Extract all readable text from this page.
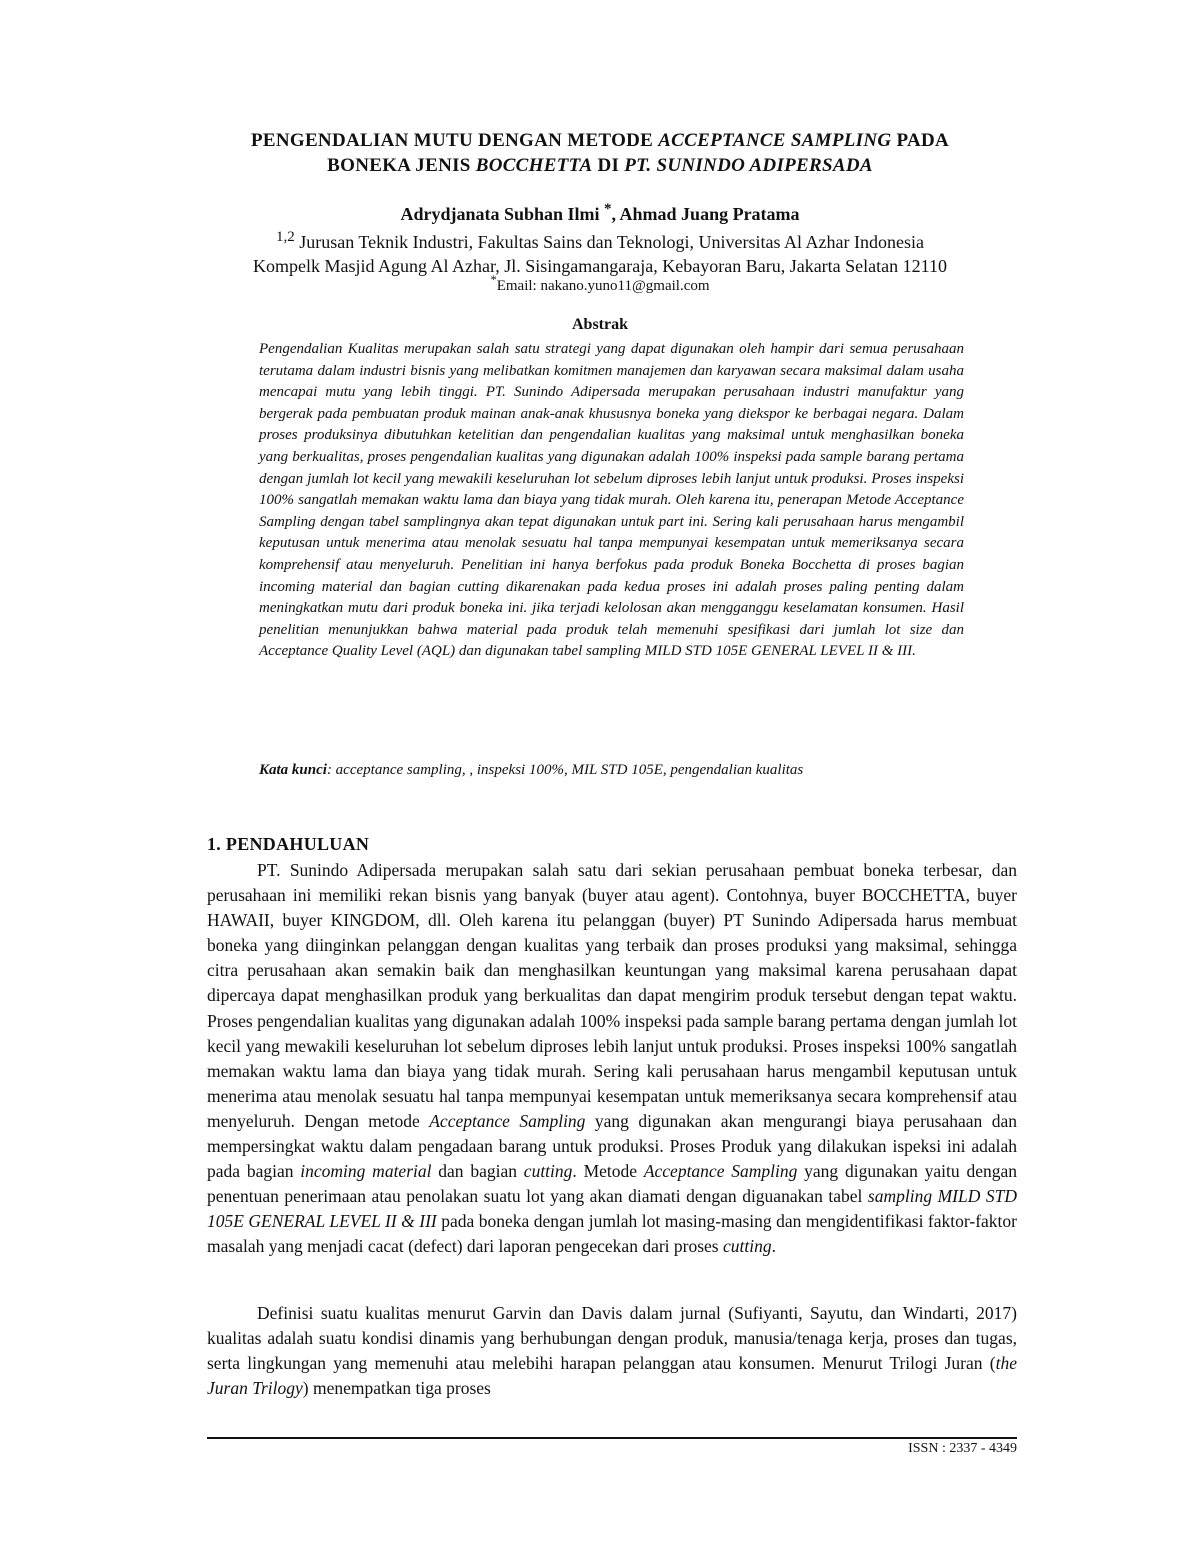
PENGENDALIAN MUTU DENGAN METODE ACCEPTANCE SAMPLING PADA
BONEKA JENIS BOCCHETTA DI PT. SUNINDO ADIPERSADA
Adrydjanata Subhan Ilmi *, Ahmad Juang Pratama
$^{1,2}$ Jurusan Teknik Industri, Fakultas Sains dan Teknologi, Universitas Al Azhar Indonesia
Kompelk Masjid Agung Al Azhar, Jl. Sisingamangaraja, Kebayoran Baru, Jakarta Selatan 12110
*Email: nakano.yuno11@gmail.com
Abstrak
Pengendalian Kualitas merupakan salah satu strategi yang dapat digunakan oleh hampir dari semua perusahaan terutama dalam industri bisnis yang melibatkan komitmen manajemen dan karyawan secara maksimal dalam usaha mencapai mutu yang lebih tinggi. PT. Sunindo Adipersada merupakan perusahaan industri manufaktur yang bergerak pada pembuatan produk mainan anak-anak khususnya boneka yang diekspor ke berbagai negara. Dalam proses produksinya dibutuhkan ketelitian dan pengendalian kualitas yang maksimal untuk menghasilkan boneka yang berkualitas, proses pengendalian kualitas yang digunakan adalah 100% inspeksi pada sample barang pertama dengan jumlah lot kecil yang mewakili keseluruhan lot sebelum diproses lebih lanjut untuk produksi. Proses inspeksi 100% sangatlah memakan waktu lama dan biaya yang tidak murah. Oleh karena itu, penerapan Metode Acceptance Sampling dengan tabel samplingnya akan tepat digunakan untuk part ini. Sering kali perusahaan harus mengambil keputusan untuk menerima atau menolak sesuatu hal tanpa mempunyai kesempatan untuk memeriksanya secara komprehensif atau menyeluruh. Penelitian ini hanya berfokus pada produk Boneka Bocchetta di proses bagian incoming material dan bagian cutting dikarenakan pada kedua proses ini adalah proses paling penting dalam meningkatkan mutu dari produk boneka ini. jika terjadi kelolosan akan mengganggu keselamatan konsumen. Hasil penelitian menunjukkan bahwa material pada produk telah memenuhi spesifikasi dari jumlah lot size dan Acceptance Quality Level (AQL) dan digunakan tabel sampling MILD STD 105E GENERAL LEVEL II & III.
Kata kunci: acceptance sampling, , inspeksi 100%, MIL STD 105E, pengendalian kualitas
1. PENDAHULUAN

PT. Sunindo Adipersada merupakan salah satu dari sekian perusahaan pembuat boneka terbesar, dan perusahaan ini memiliki rekan bisnis yang banyak (buyer atau agent). Contohnya, buyer BOCCHETTA, buyer HAWAII, buyer KINGDOM, dll. Oleh karena itu pelanggan (buyer) PT Sunindo Adipersada harus membuat boneka yang diinginkan pelanggan dengan kualitas yang terbaik dan proses produksi yang maksimal, sehingga citra perusahaan akan semakin baik dan menghasilkan keuntungan yang maksimal karena perusahaan dapat dipercaya dapat menghasilkan produk yang berkualitas dan dapat mengirim produk tersebut dengan tepat waktu. Proses pengendalian kualitas yang digunakan adalah 100% inspeksi pada sample barang pertama dengan jumlah lot kecil yang mewakili keseluruhan lot sebelum diproses lebih lanjut untuk produksi. Proses inspeksi 100% sangatlah memakan waktu lama dan biaya yang tidak murah. Sering kali perusahaan harus mengambil keputusan untuk menerima atau menolak sesuatu hal tanpa mempunyai kesempatan untuk memeriksanya secara komprehensif atau menyeluruh. Dengan metode Acceptance Sampling yang digunakan akan mengurangi biaya perusahaan dan mempersingkat waktu dalam pengadaan barang untuk produksi. Proses Produk yang dilakukan ispeksi ini adalah pada bagian incoming material dan bagian cutting. Metode Acceptance Sampling yang digunakan yaitu dengan penentuan penerimaan atau penolakan suatu lot yang akan diamati dengan diguanakan tabel sampling MILD STD 105E GENERAL LEVEL II & III pada boneka dengan jumlah lot masing-masing dan mengidentifikasi faktor-faktor masalah yang menjadi cacat (defect) dari laporan pengecekan dari proses cutting.

Definisi suatu kualitas menurut Garvin dan Davis dalam jurnal (Sufiyanti, Sayutu, dan Windarti, 2017) kualitas adalah suatu kondisi dinamis yang berhubungan dengan produk, manusia/tenaga kerja, proses dan tugas, serta lingkungan yang memenuhi atau melebihi harapan pelanggan atau konsumen. Menurut Trilogi Juran (the Juran Trilogy) menempatkan tiga proses

ISSN : 2337 - 4349
